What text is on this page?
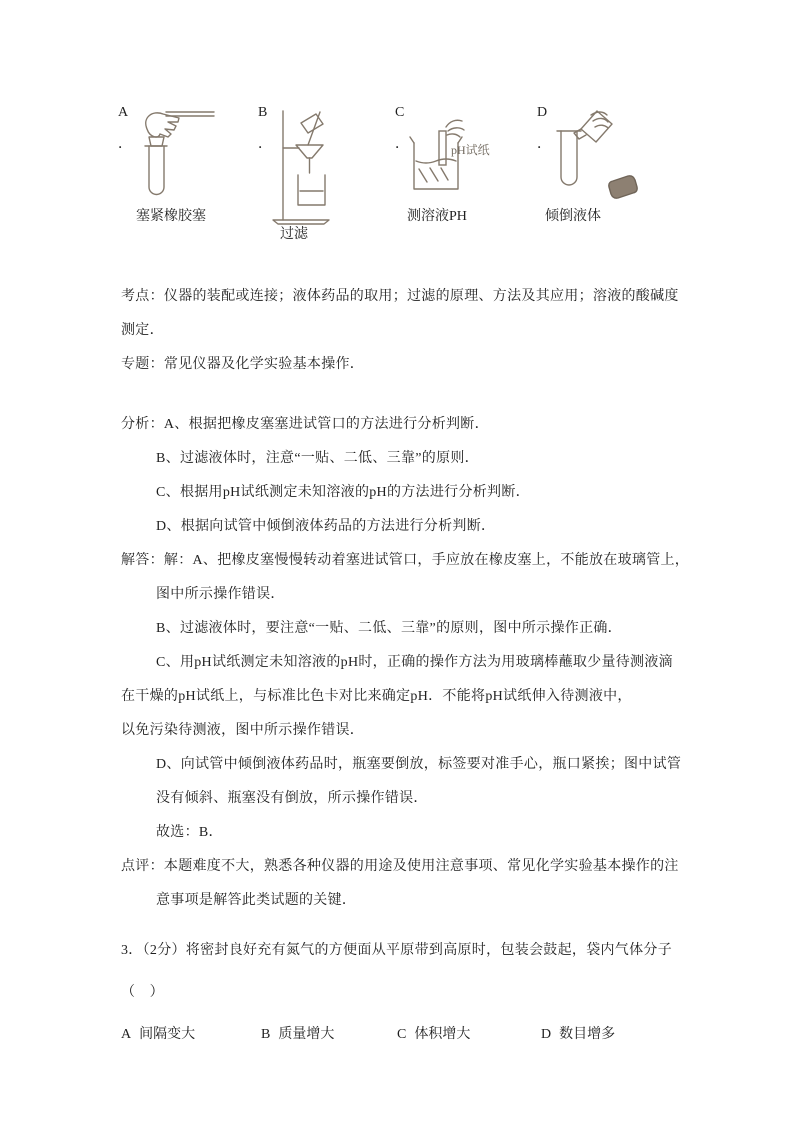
A
．
塞紧橡胶塞
B
．
过滤
C
．	pH试纸
测溶液PH
D
．
倾倒液体
考点：仪器的装配或连接；液体药品的取用；过滤的原理、方法及其应用；溶液的酸碱度
测定．
专题：常见仪器及化学实验基本操作．
分析：A、根据把橡皮塞塞进试管口的方法进行分析判断．
B、过滤液体时，注意“一贴、二低、三靠”的原则．
C、根据用pH试纸测定未知溶液的pH的方法进行分析判断．
D、根据向试管中倾倒液体药品的方法进行分析判断．
解答：解：A、把橡皮塞慢慢转动着塞进试管口，手应放在橡皮塞上，不能放在玻璃管上，
图中所示操作错误．
B、过滤液体时，要注意“一贴、二低、三靠”的原则，图中所示操作正确．
C、用pH试纸测定未知溶液的pH时，正确的操作方法为用玻璃棒蘸取少量待测液滴
在干燥的pH试纸上，与标准比色卡对比来确定pH．不能将pH试纸伸入待测液中，
以免污染待测液，图中所示操作错误．
D、向试管中倾倒液体药品时，瓶塞要倒放，标签要对准手心，瓶口紧挨；图中试管
没有倾斜、瓶塞没有倒放，所示操作错误．
故选：B．
点评：本题难度不大，熟悉各种仪器的用途及使用注意事项、常见化学实验基本操作的注
意事项是解答此类试题的关键．
3．（2分）将密封良好充有氮气的方便面从平原带到高原时，包装会鼓起，袋内气体分子
（　）
A 间隔变大	B 质量增大	C 体积增大	D 数目增多
